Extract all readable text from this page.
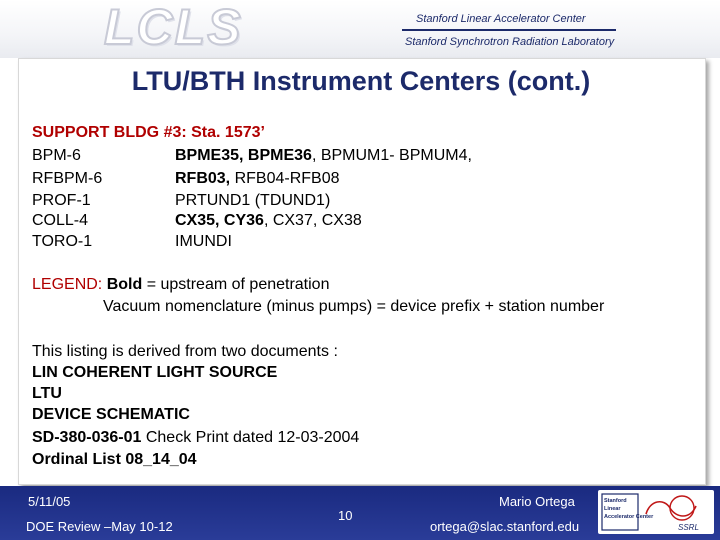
LCLS	Stanford Linear Accelerator Center
Stanford Synchrotron Radiation Laboratory
LTU/BTH Instrument Centers (cont.)
SUPPORT BLDG #3: Sta. 1573’
BPM-6	BPME35, BPME36, BPMUM1- BPMUM4,
RFBPM-6	RFB03, RFB04-RFB08
PROF-1	PRTUND1 (TDUND1)
COLL-4	CX35, CY36, CX37, CX38
TORO-1	IMUNDI
LEGEND: Bold = upstream of penetration
Vacuum nomenclature (minus pumps) = device prefix + station number
This listing is derived from two documents :
LIN COHERENT LIGHT SOURCE
LTU
DEVICE SCHEMATIC
SD-380-036-01 Check Print dated 12-03-2004
Ordinal List 08_14_04
5/11/05
DOE Review –May 10-12
10
Mario Ortega
ortega@slac.stanford.edu
Stanford Linear Accelerator Center
SSRL
